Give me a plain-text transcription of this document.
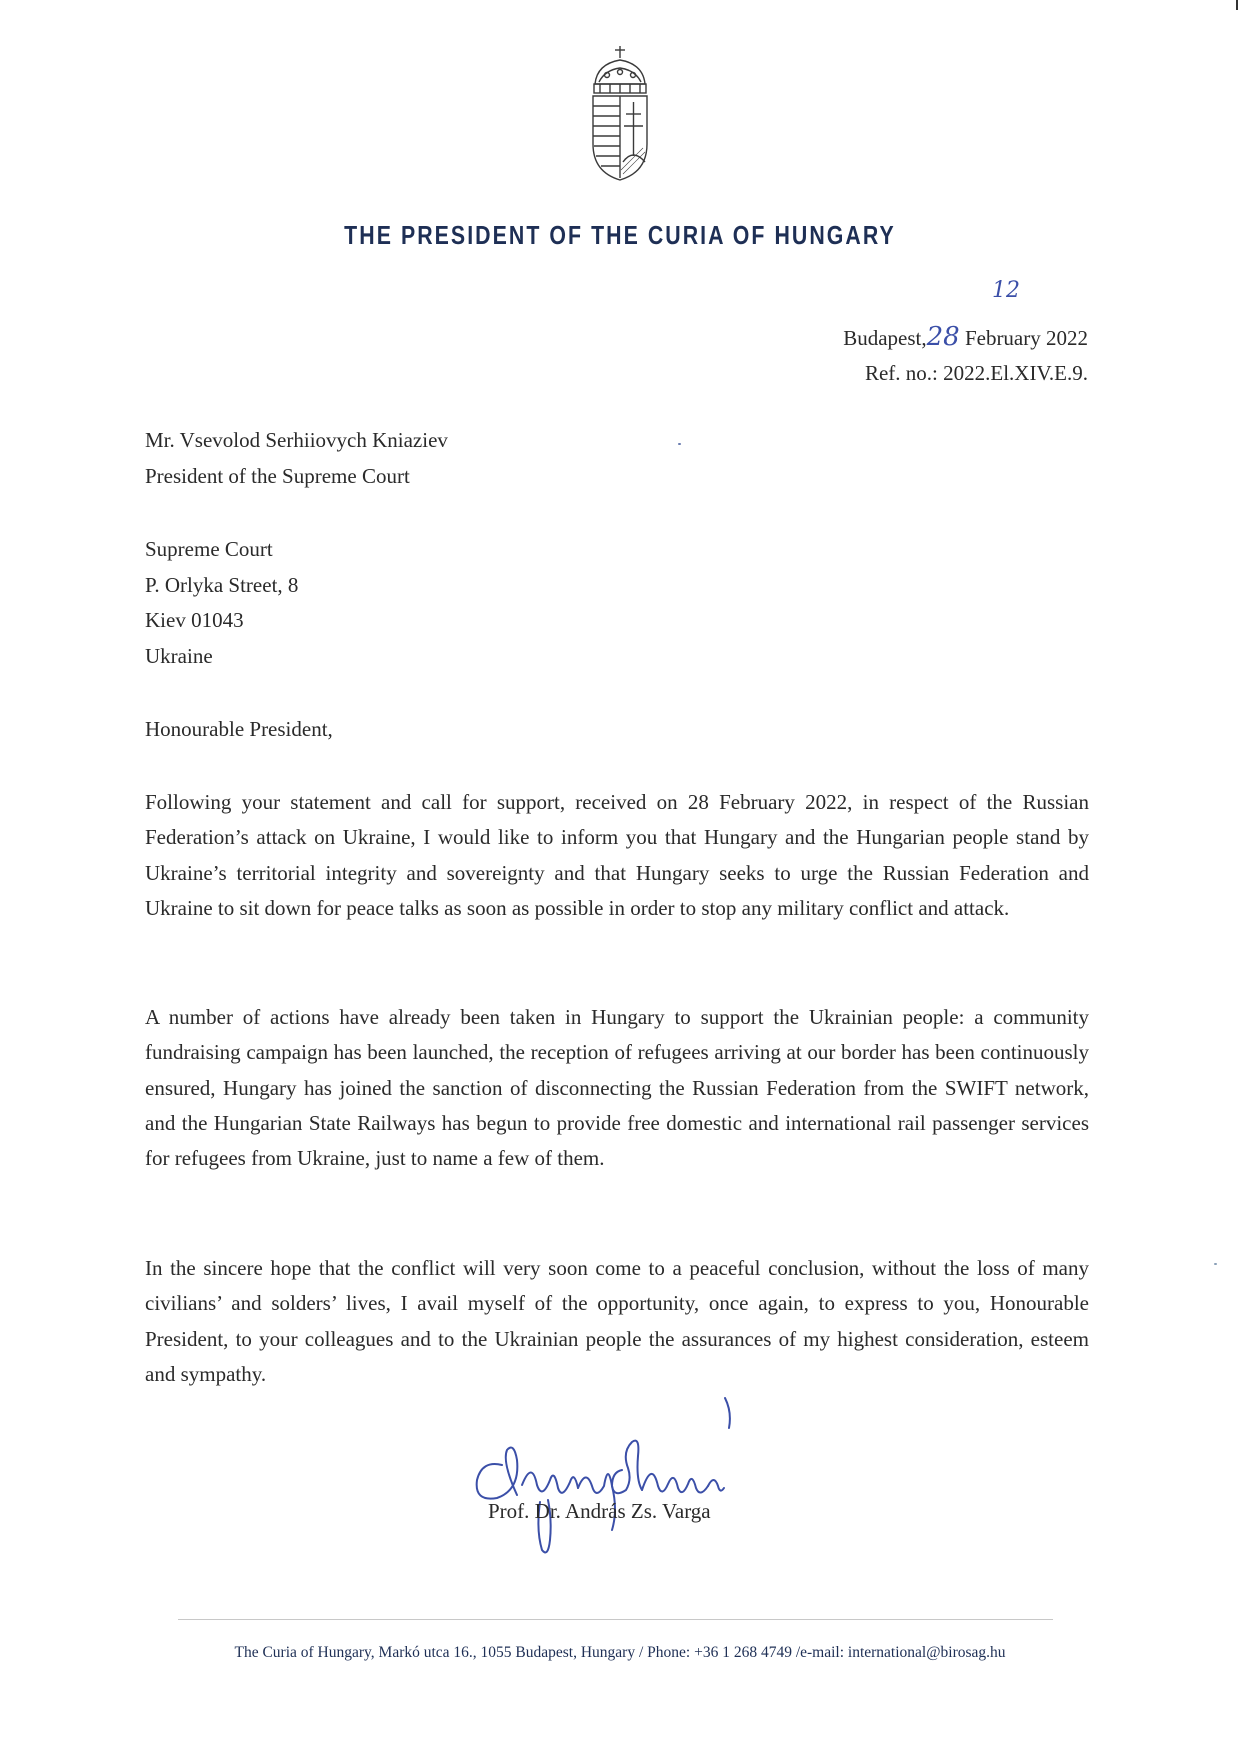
THE PRESIDENT OF THE CURIA OF HUNGARY
12
Budapest,28 February 2022
Ref. no.: 2022.El.XIV.E.9.
Mr. Vsevolod Serhiiovych Kniaziev
President of the Supreme Court
Supreme Court
P. Orlyka Street, 8
Kiev 01043
Ukraine
Honourable President,
Following your statement and call for support, received on 28 February 2022, in respect of the Russian Federation’s attack on Ukraine, I would like to inform you that Hungary and the Hungarian people stand by Ukraine’s territorial integrity and sovereignty and that Hungary seeks to urge the Russian Federation and Ukraine to sit down for peace talks as soon as possible in order to stop any military conflict and attack.
A number of actions have already been taken in Hungary to support the Ukrainian people: a community fundraising campaign has been launched, the reception of refugees arriving at our border has been continuously ensured, Hungary has joined the sanction of disconnecting the Russian Federation from the SWIFT network, and the Hungarian State Railways has begun to provide free domestic and international rail passenger services for refugees from Ukraine, just to name a few of them.
In the sincere hope that the conflict will very soon come to a peaceful conclusion, without the loss of many civilians’ and solders’ lives, I avail myself of the opportunity, once again, to express to you, Honourable President, to your colleagues and to the Ukrainian people the assurances of my highest consideration, esteem and sympathy.
Prof. Dr. András Zs. Varga
The Curia of Hungary, Markó utca 16., 1055 Budapest, Hungary / Phone: +36 1 268 4749 /e-mail: international@birosag.hu
